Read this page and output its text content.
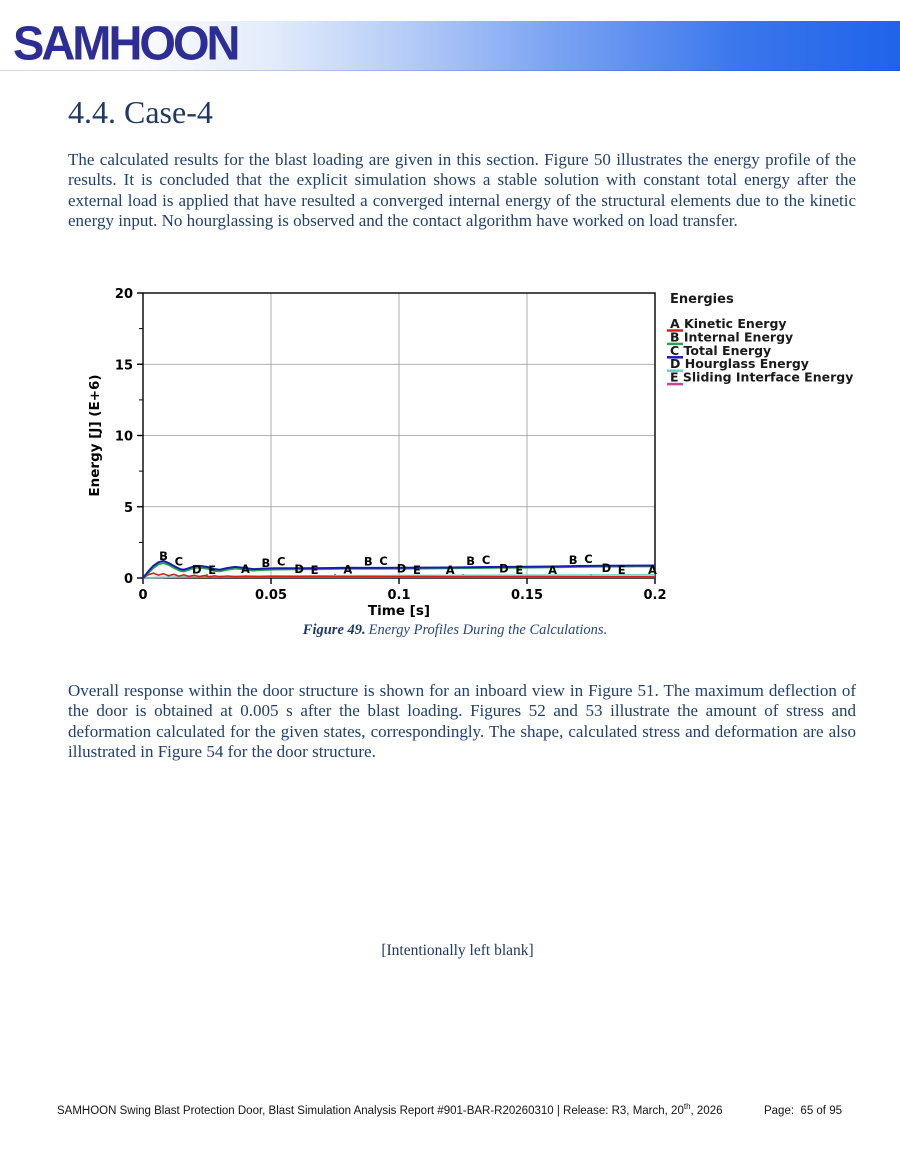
SAMHOON
4.4. Case-4

The calculated results for the blast loading are given in this section. Figure 50 illustrates the energy profile of the results. It is concluded that the explicit simulation shows a stable solution with constant total energy after the external load is applied that have resulted a converged internal energy of the structural elements due to the kinetic energy input. No hourglassing is observed and the contact algorithm have worked on load transfer.

0	0.05	0.1	0.15	0.2
0
5
10
15
20
A	A	A	A	A
B	B	B	B	B
C	C	C	C	C
D	D	D	D	D
E	E	E	E	E
Time [s]
Energy [J] (E+6)
Energies
A Kinetic Energy
B Internal Energy
C Total Energy
D Hourglass Energy
E Sliding Interface Energy
Figure 49. Energy Profiles During the Calculations.

Overall response within the door structure is shown for an inboard view in Figure 51. The maximum deflection of the door is obtained at 0.005 s after the blast loading. Figures 52 and 53 illustrate the amount of stress and deformation calculated for the given states, correspondingly. The shape, calculated stress and deformation are also illustrated in Figure 54 for the door structure.

[Intentionally left blank]
SAMHOON Swing Blast Protection Door, Blast Simulation Analysis Report #901-BAR-R20260310 | Release: R3, March, 20th, 2026	Page:  65 of 95
